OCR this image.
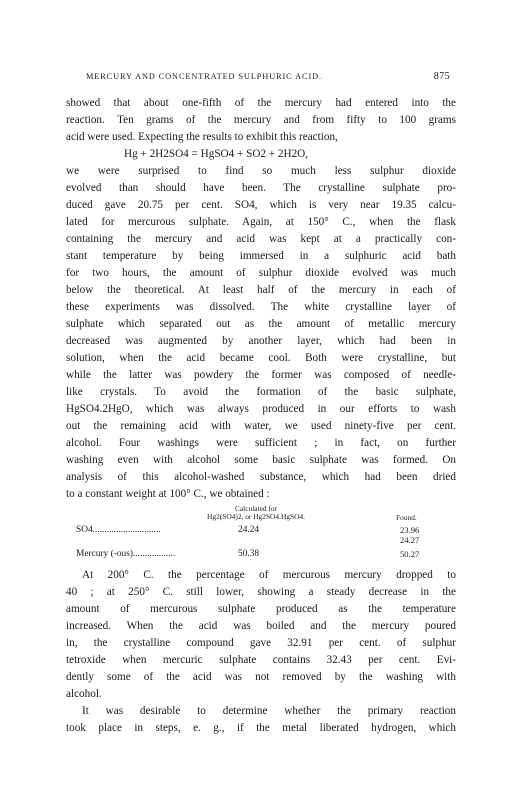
MERCURY AND CONCENTRATED SULPHURIC ACID.	875
showed that about one-fifth of the mercury had entered into the
reaction. Ten grams of the mercury and from fifty to 100 grams
acid were used. Expecting the results to exhibit this reaction,
Hg + 2H2SO4 = HgSO4 + SO2 + 2H2O,
we were surprised to find so much less sulphur dioxide
evolved than should have been. The crystalline sulphate pro-
duced gave 20.75 per cent. SO4, which is very near 19.35 calcu-
lated for mercurous sulphate. Again, at 150° C., when the flask
containing the mercury and acid was kept at a practically con-
stant temperature by being immersed in a sulphuric acid bath
for two hours, the amount of sulphur dioxide evolved was much
below the theoretical. At least half of the mercury in each of
these experiments was dissolved. The white crystalline layer of
sulphate which separated out as the amount of metallic mercury
decreased was augmented by another layer, which had been in
solution, when the acid became cool. Both were crystalline, but
while the latter was powdery the former was composed of needle-
like crystals. To avoid the formation of the basic sulphate,
HgSO4.2HgO, which was always produced in our efforts to wash
out the remaining acid with water, we used ninety-five per cent.
alcohol. Four washings were sufficient ; in fact, on further
washing even with alcohol some basic sulphate was formed. On
analysis of this alcohol-washed substance, which had been dried
to a constant weight at 100° C., we obtained :
Calculated for
Hg2(SO4)2, or Hg2SO4.HgSO4.	Found.
SO4.............................	24.24	23.96
24.27
Mercury (-ous)..................	50.38	50.27
At 200° C. the percentage of mercurous mercury dropped to
40 ; at 250° C. still lower, showing a steady decrease in the
amount of mercurous sulphate produced as the temperature
increased. When the acid was boiled and the mercury poured
in, the crystalline compound gave 32.91 per cent. of sulphur
tetroxide when mercuric sulphate contains 32.43 per cent. Evi-
dently some of the acid was not removed by the washing with
alcohol.
It was desirable to determine whether the primary reaction
took place in steps, e. g., if the metal liberated hydrogen, which
